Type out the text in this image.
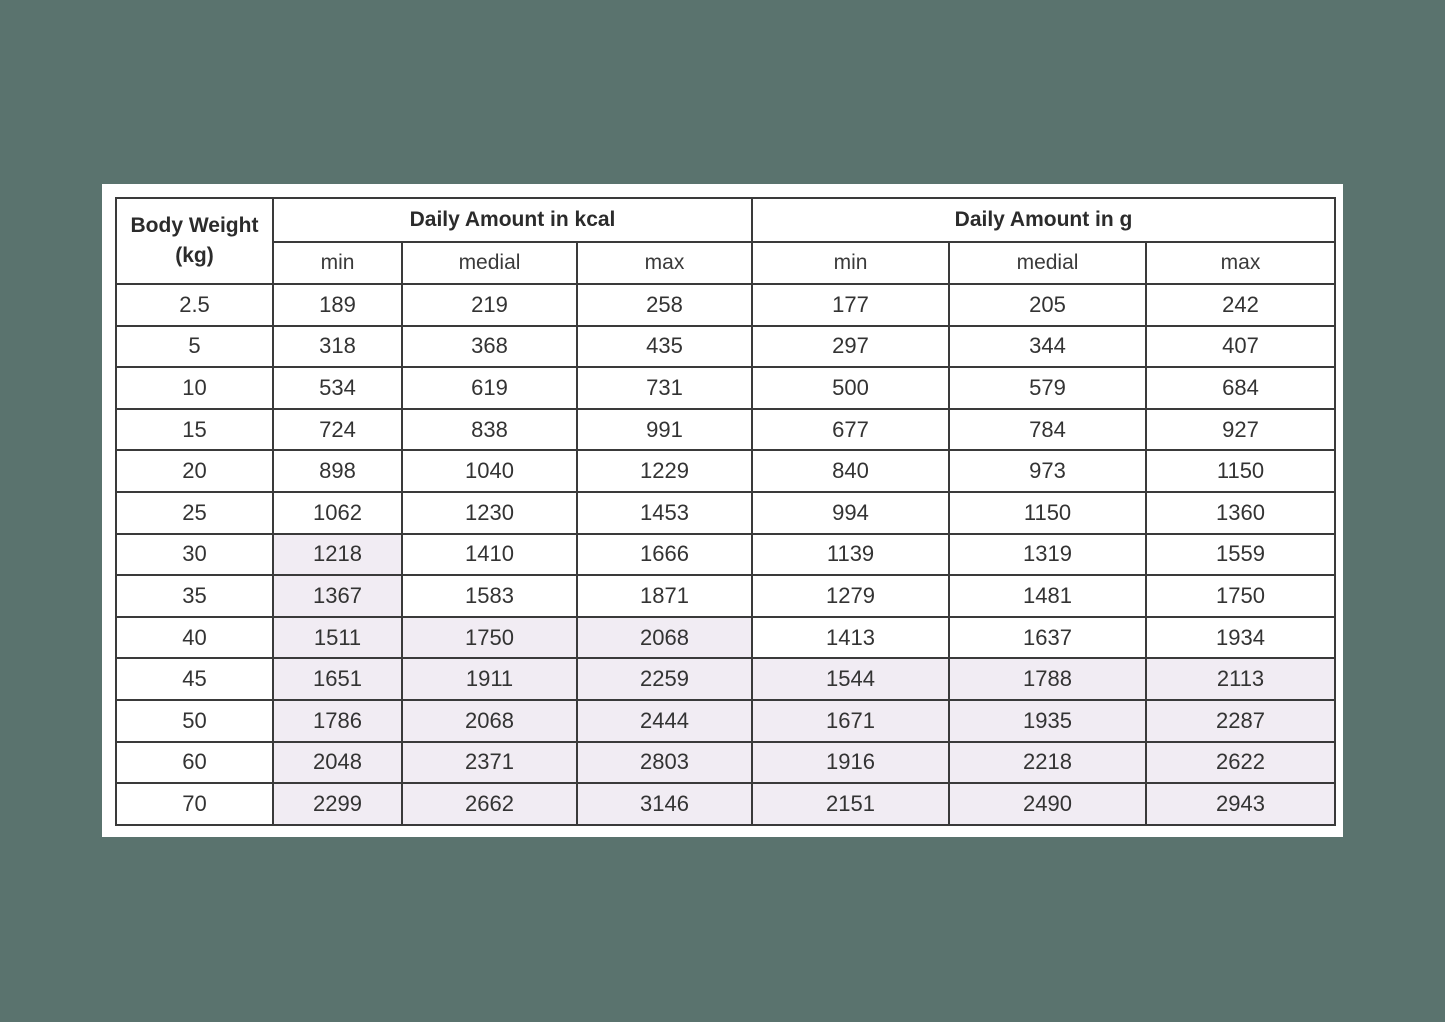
Body Weight (kg)	Daily Amount in kcal			Daily Amount in g		
	min	medial	max	min	medial	max
2.5	189	219	258	177	205	242
5	318	368	435	297	344	407
10	534	619	731	500	579	684
15	724	838	991	677	784	927
20	898	1040	1229	840	973	1150
25	1062	1230	1453	994	1150	1360
30	1218	1410	1666	1139	1319	1559
35	1367	1583	1871	1279	1481	1750
40	1511	1750	2068	1413	1637	1934
45	1651	1911	2259	1544	1788	2113
50	1786	2068	2444	1671	1935	2287
60	2048	2371	2803	1916	2218	2622
70	2299	2662	3146	2151	2490	2943
